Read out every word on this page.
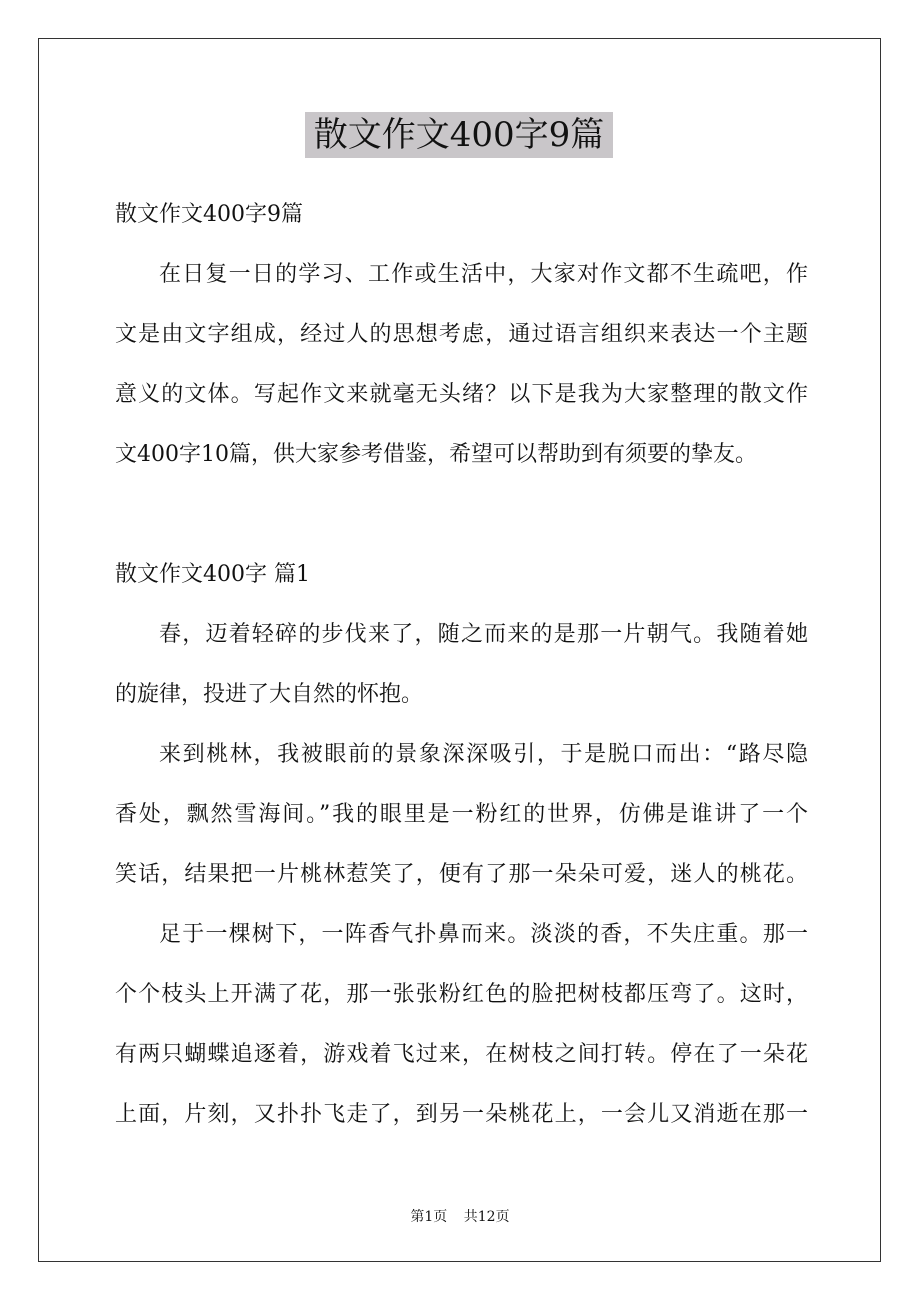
散文作文400字9篇
散文作文400字9篇
在日复一日的学习、工作或生活中，大家对作文都不生疏吧，作
文是由文字组成，经过人的思想考虑，通过语言组织来表达一个主题
意义的文体。写起作文来就毫无头绪？以下是我为大家整理的散文作
文400字10篇，供大家参考借鉴，希望可以帮助到有须要的挚友。
散文作文400字 篇1
春，迈着轻碎的步伐来了，随之而来的是那一片朝气。我随着她
的旋律，投进了大自然的怀抱。
来到桃林，我被眼前的景象深深吸引，于是脱口而出：“路尽隐
香处，飘然雪海间。”我的眼里是一粉红的世界，仿佛是谁讲了一个
笑话，结果把一片桃林惹笑了，便有了那一朵朵可爱，迷人的桃花。
足于一棵树下，一阵香气扑鼻而来。淡淡的香，不失庄重。那一
个个枝头上开满了花，那一张张粉红色的脸把树枝都压弯了。这时，
有两只蝴蝶追逐着，游戏着飞过来，在树枝之间打转。停在了一朵花
上面，片刻，又扑扑飞走了，到另一朵桃花上，一会儿又消逝在那一
第1页 共12页
